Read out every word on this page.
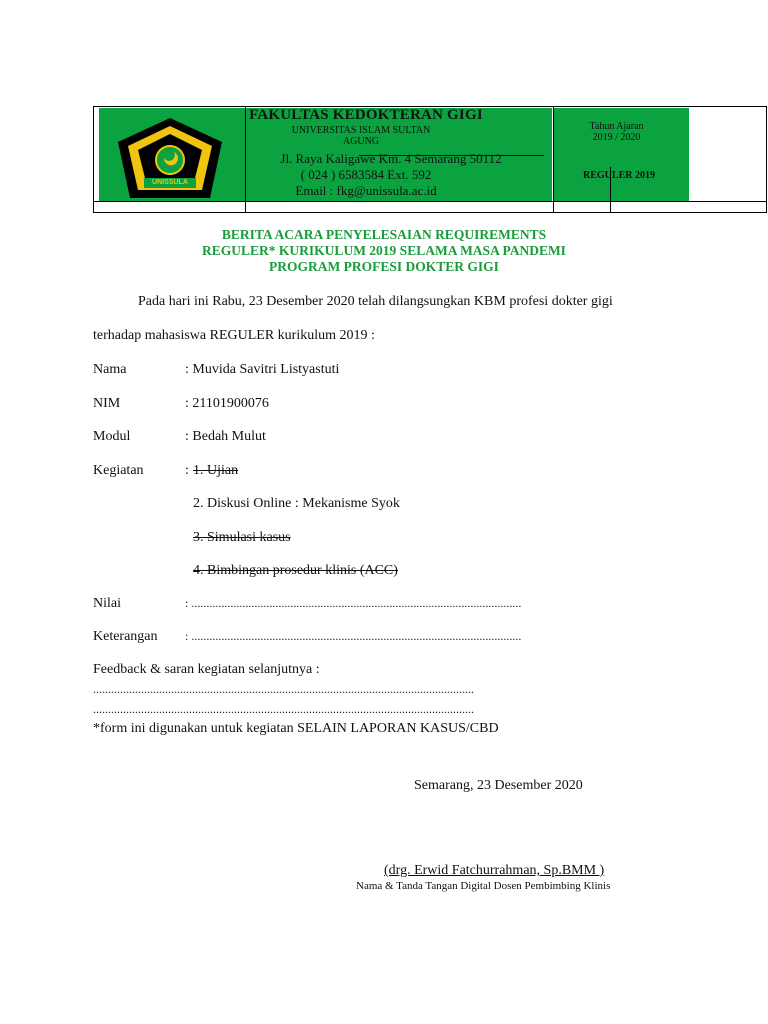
UNISSULA
FAKULTAS KEDOKTERAN GIGI
UNIVERSITAS ISLAM SULTAN
AGUNG
Jl. Raya Kaligawe Km. 4 Semarang 50112
( 024 ) 6583584 Ext. 592
Email : fkg@unissula.ac.id
Tahun Ajaran
2019 / 2020
REGULER 2019
BERITA ACARA PENYELESAIAN REQUIREMENTS
REGULER* KURIKULUM 2019 SELAMA MASA PANDEMI
PROGRAM PROFESI DOKTER GIGI
Pada hari ini Rabu, 23 Desember 2020 telah dilangsungkan KBM profesi dokter gigi
terhadap mahasiswa REGULER kurikulum 2019 :
Nama	: Muvida Savitri Listyastuti
NIM	: 21101900076
Modul	: Bedah Mulut
Kegiatan	: 1. Ujian
2. Diskusi Online : Mekanisme Syok
3. Simulasi kasus
4. Bimbingan prosedur klinis (ACC)
Nilai	: ..............................................................................................................
Keterangan : ..............................................................................................................
Feedback & saran kegiatan selanjutnya :
...............................................................................................................................
...............................................................................................................................
*form ini digunakan untuk kegiatan SELAIN LAPORAN KASUS/CBD
Semarang, 23 Desember 2020
(drg. Erwid Fatchurrahman, Sp.BMM )
Nama & Tanda Tangan Digital Dosen Pembimbing Klinis
